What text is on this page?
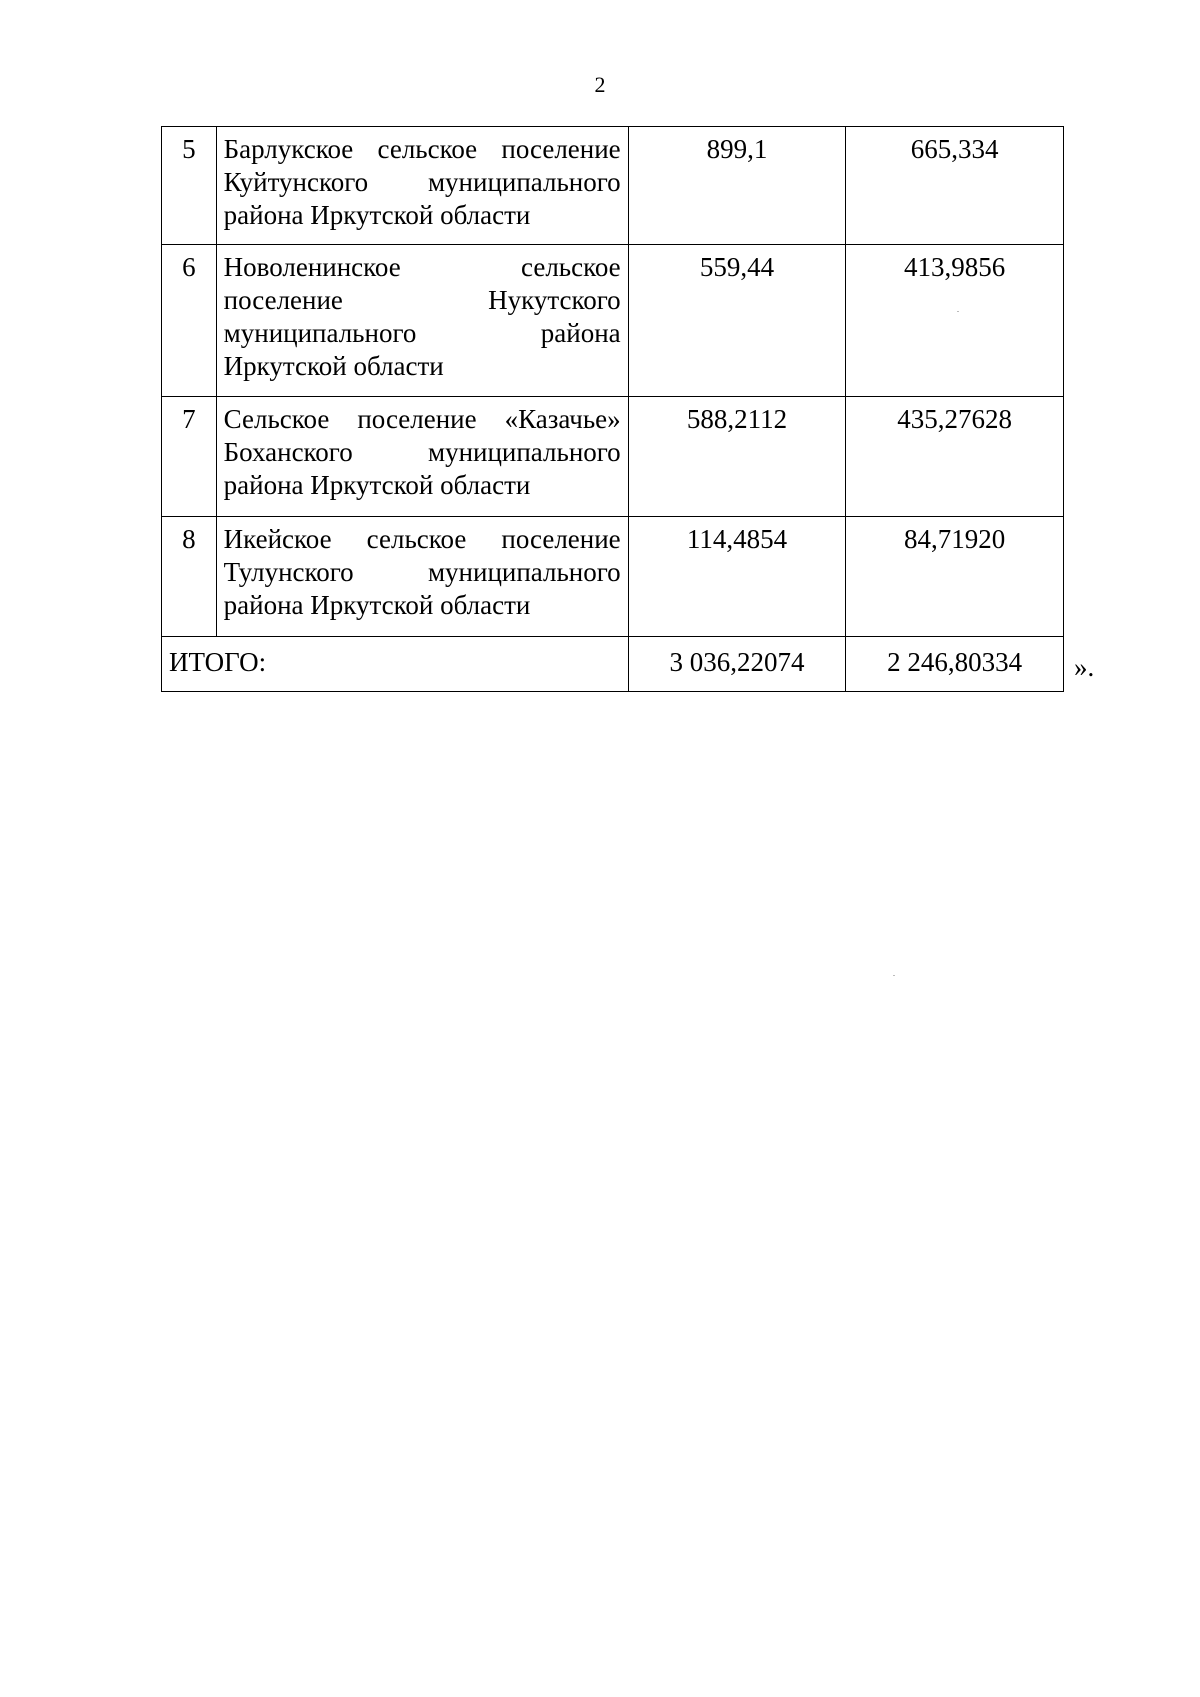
2
5	Барлукское сельское поселение Куйтунского муниципального района Иркутской области	899,1	665,334
6	Новоленинское сельское поселение Нукутского муниципального района Иркутской области	559,44	413,9856
7	Сельское поселение «Казачье» Боханского муниципального района Иркутской области	588,2112	435,27628
8	Икейское сельское поселение Тулунского муниципального района Иркутской области	114,4854	84,71920
ИТОГО:		3 036,22074	2 246,80334 ».
